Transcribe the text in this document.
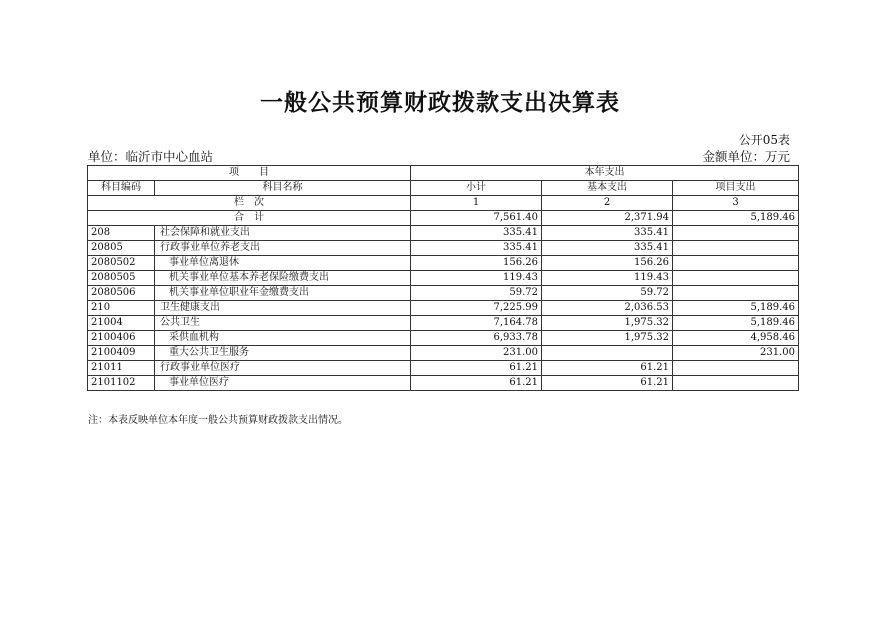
一般公共预算财政拨款支出决算表
公开05表
单位：临沂市中心血站	金额单位：万元
项　　目		本年支出		
科目编码	科目名称	小计	基本支出	项目支出
栏　次		1	2	3
合　计		7,561.40	2,371.94	5,189.46
208	社会保障和就业支出	335.41	335.41	
20805	行政事业单位养老支出	335.41	335.41	
2080502	事业单位离退休	156.26	156.26	
2080505	机关事业单位基本养老保险缴费支出	119.43	119.43	
2080506	机关事业单位职业年金缴费支出	59.72	59.72	
210	卫生健康支出	7,225.99	2,036.53	5,189.46
21004	公共卫生	7,164.78	1,975.32	5,189.46
2100406	采供血机构	6,933.78	1,975.32	4,958.46
2100409	重大公共卫生服务	231.00		231.00
21011	行政事业单位医疗	61.21	61.21	
2101102	事业单位医疗	61.21	61.21	
注：本表反映单位本年度一般公共预算财政拨款支出情况。
